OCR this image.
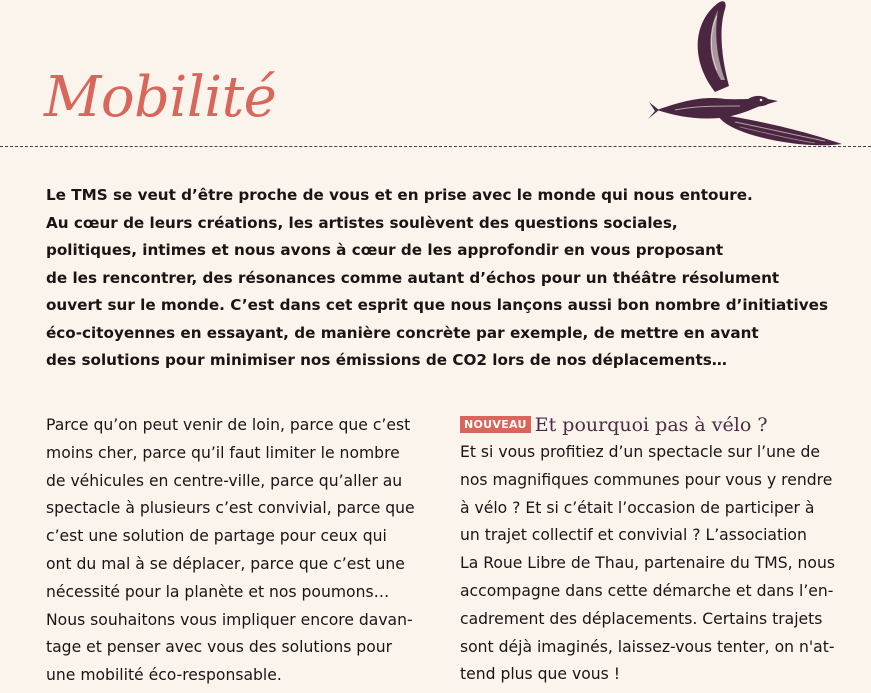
Mobilité
Le TMS se veut d’être proche de vous et en prise avec le monde qui nous entoure.
Au cœur de leurs créations, les artistes soulèvent des questions sociales,
politiques, intimes et nous avons à cœur de les approfondir en vous proposant
de les rencontrer, des résonances comme autant d’échos pour un théâtre résolument
ouvert sur le monde. C’est dans cet esprit que nous lançons aussi bon nombre d’initiatives
éco-citoyennes en essayant, de manière concrète par exemple, de mettre en avant
des solutions pour minimiser nos émissions de CO2 lors de nos déplacements…
Parce qu’on peut venir de loin, parce que c’est
moins cher, parce qu’il faut limiter le nombre
de véhicules en centre-ville, parce qu’aller au
spectacle à plusieurs c’est convivial, parce que
c’est une solution de partage pour ceux qui
ont du mal à se déplacer, parce que c’est une
nécessité pour la planète et nos poumons…
Nous souhaitons vous impliquer encore davan-
tage et penser avec vous des solutions pour
une mobilité éco-responsable.
NOUVEAU Et pourquoi pas à vélo ?
Et si vous profitiez d’un spectacle sur l’une de
nos magnifiques communes pour vous y rendre
à vélo ? Et si c’était l’occasion de participer à
un trajet collectif et convivial ? L’association
La Roue Libre de Thau, partenaire du TMS, nous
accompagne dans cette démarche et dans l’en-
cadrement des déplacements. Certains trajets
sont déjà imaginés, laissez-vous tenter, on n'at-
tend plus que vous !
